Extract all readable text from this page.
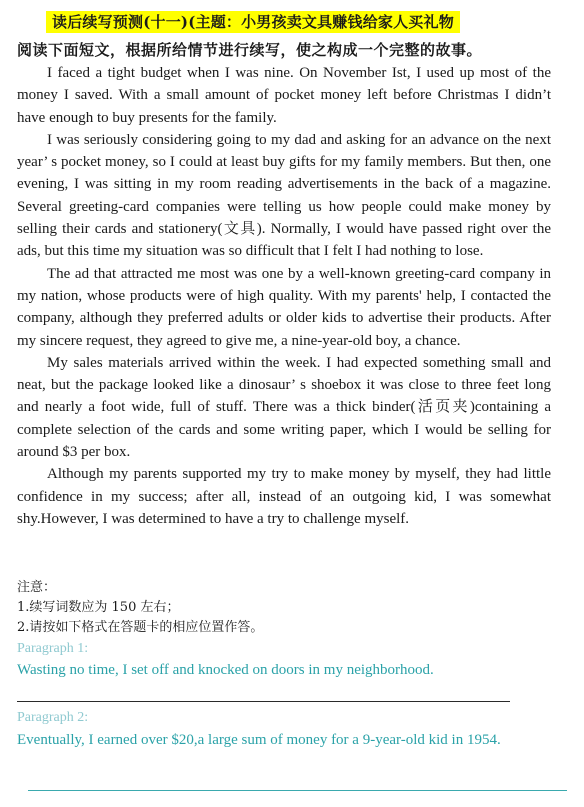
读后续写预测(十一)(主题：小男孩卖文具赚钱给家人买礼物
阅读下面短文，根据所给情节进行续写，使之构成一个完整的故事。

I faced a tight budget when I was nine. On November Ist, I used up most of the money I saved. With a small amount of pocket money left before Christmas I didn’t have enough to buy presents for the family.

I was seriously considering going to my dad and asking for an advance on the next year’ s pocket money, so I could at least buy gifts for my family members. But then, one evening, I was sitting in my room reading advertisements in the back of a magazine. Several greeting-card companies were telling us how people could make money by selling their cards and stationery(文具). Normally, I would have passed right over the ads, but this time my situation was so difficult that I felt I had nothing to lose.

The ad that attracted me most was one by a well-known greeting-card company in my nation, whose products were of high quality. With my parents' help, I contacted the company, although they preferred adults or older kids to advertise their products. After my sincere request, they agreed to give me, a nine-year-old boy, a chance.

My sales materials arrived within the week. I had expected something small and neat, but the package looked like a dinosaur’ s shoebox it was close to three feet long and nearly a foot wide, full of stuff. There was a thick binder(活页夹)containing a complete selection of the cards and some writing paper, which I would be selling for around $3 per box.

Although my parents supported my try to make money by myself, they had little confidence in my success; after all, instead of an outgoing kid, I was somewhat shy.However, I was determined to have a try to challenge myself.

注意：
1.续写词数应为 150 左右；
2.请按如下格式在答题卡的相应位置作答。
Paragraph 1:
Wasting no time, I set off and knocked on doors in my neighborhood.
Paragraph 2:
Eventually, I earned over $20,a large sum of money for a 9-year-old kid in 1954.
